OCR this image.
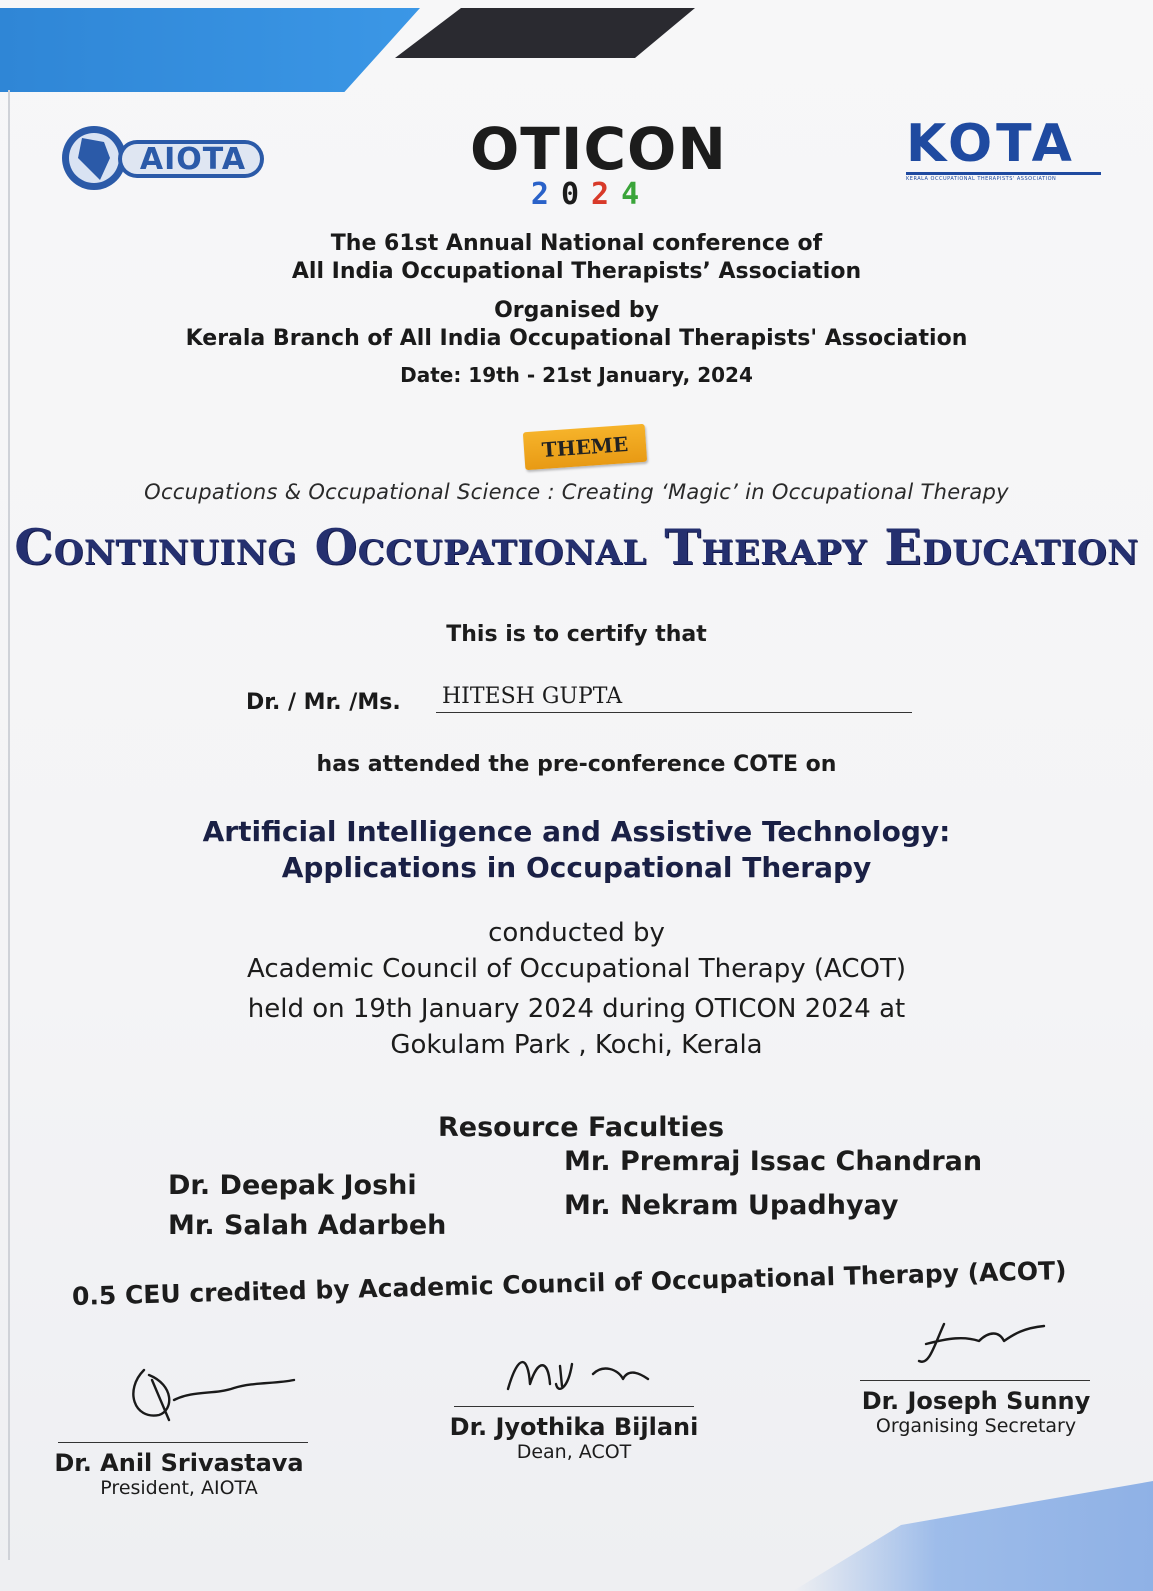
AIOTA	OTICON
2 0 2 4
KOTA
KERALA OCCUPATIONAL THERAPISTS' ASSOCIATION
The 61st Annual National conference of
All India Occupational Therapists’ Association
Organised by
Kerala Branch of All India Occupational Therapists' Association
Date: 19th - 21st January, 2024
THEME
Occupations & Occupational Science : Creating ‘Magic’ in Occupational Therapy
Continuing Occupational Therapy Education
This is to certify that
Dr. / Mr. /Ms. HITESH GUPTA
has attended the pre-conference COTE on
Artificial Intelligence and Assistive Technology:
Applications in Occupational Therapy
conducted by
Academic Council of Occupational Therapy (ACOT)
held on 19th January 2024 during OTICON 2024 at
Gokulam Park , Kochi, Kerala
Resource Faculties
Dr. Deepak Joshi
Mr. Salah Adarbeh
Mr. Premraj Issac Chandran
Mr. Nekram Upadhyay
0.5 CEU credited by Academic Council of Occupational Therapy (ACOT)
Dr. Anil Srivastava
President, AIOTA
Dr. Jyothika Bijlani
Dean, ACOT
Dr. Joseph Sunny
Organising Secretary
